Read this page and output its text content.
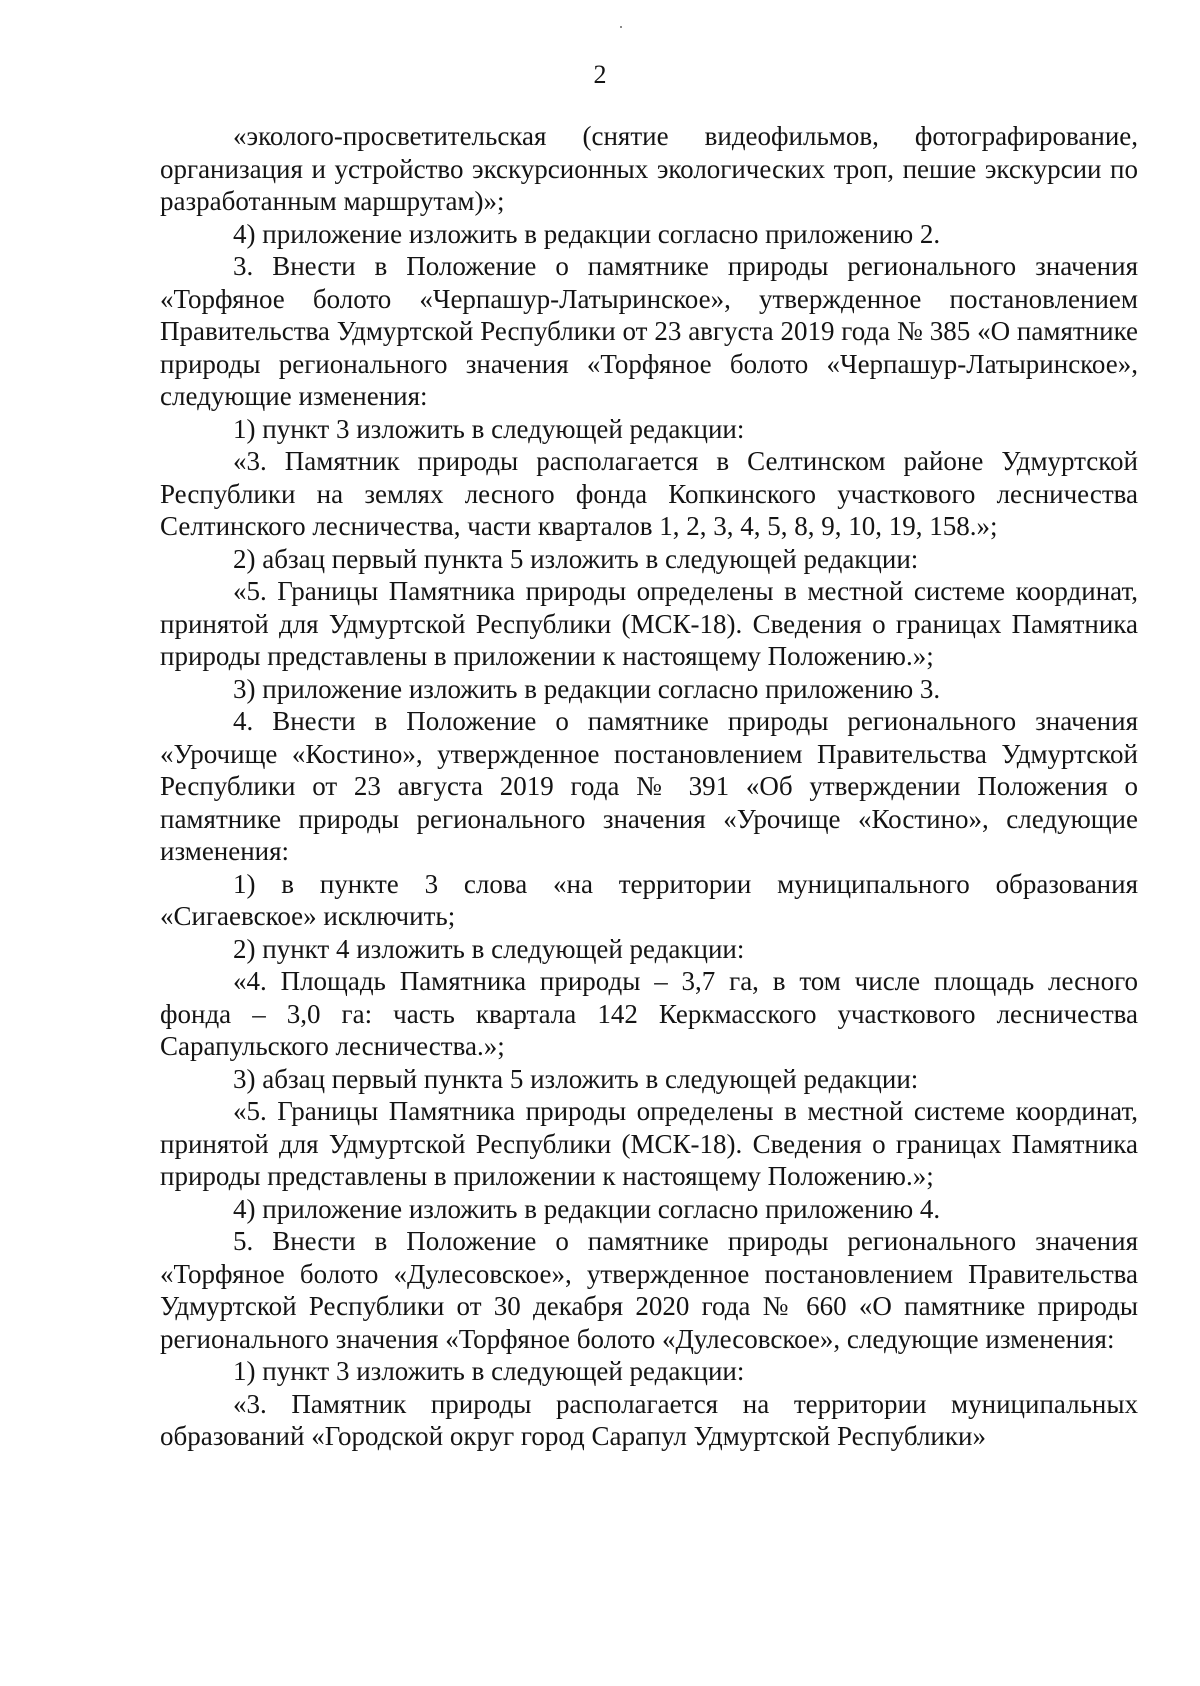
2

«эколого-просветительская (снятие видеофильмов, фотографирование, организация и устройство экскурсионных экологических троп, пешие экскурсии по разработанным маршрутам)»;

4) приложение изложить в редакции согласно приложению 2.

3. Внести в Положение о памятнике природы регионального значения «Торфяное болото «Черпашур-Латыринское», утвержденное постановлением Правительства Удмуртской Республики от 23 августа 2019 года № 385 «О памятнике природы регионального значения «Торфяное болото «Черпашур-Латыринское», следующие изменения:

1) пункт 3 изложить в следующей редакции:

«3. Памятник природы располагается в Селтинском районе Удмуртской Республики на землях лесного фонда Копкинского участкового лесничества Селтинского лесничества, части кварталов 1, 2, 3, 4, 5, 8, 9, 10, 19, 158.»;

2) абзац первый пункта 5 изложить в следующей редакции:

«5. Границы Памятника природы определены в местной системе координат, принятой для Удмуртской Республики (МСК-18). Сведения о границах Памятника природы представлены в приложении к настоящему Положению.»;

3) приложение изложить в редакции согласно приложению 3.

4. Внести в Положение о памятнике природы регионального значения «Урочище «Костино», утвержденное постановлением Правительства Удмуртской Республики от 23 августа 2019 года № 391 «Об утверждении Положения о памятнике природы регионального значения «Урочище «Костино», следующие изменения:

1) в пункте 3 слова «на территории муниципального образования «Сигаевское» исключить;

2) пункт 4 изложить в следующей редакции:

«4. Площадь Памятника природы – 3,7 га, в том числе площадь лесного фонда – 3,0 га: часть квартала 142 Керкмасского участкового лесничества Сарапульского лесничества.»;

3) абзац первый пункта 5 изложить в следующей редакции:

«5. Границы Памятника природы определены в местной системе координат, принятой для Удмуртской Республики (МСК-18). Сведения о границах Памятника природы представлены в приложении к настоящему Положению.»;

4) приложение изложить в редакции согласно приложению 4.

5. Внести в Положение о памятнике природы регионального значения «Торфяное болото «Дулесовское», утвержденное постановлением Правительства Удмуртской Республики от 30 декабря 2020 года № 660 «О памятнике природы регионального значения «Торфяное болото «Дулесовское», следующие изменения:

1) пункт 3 изложить в следующей редакции:

«3. Памятник природы располагается на территории муниципальных образований «Городской округ город Сарапул Удмуртской Республики»
